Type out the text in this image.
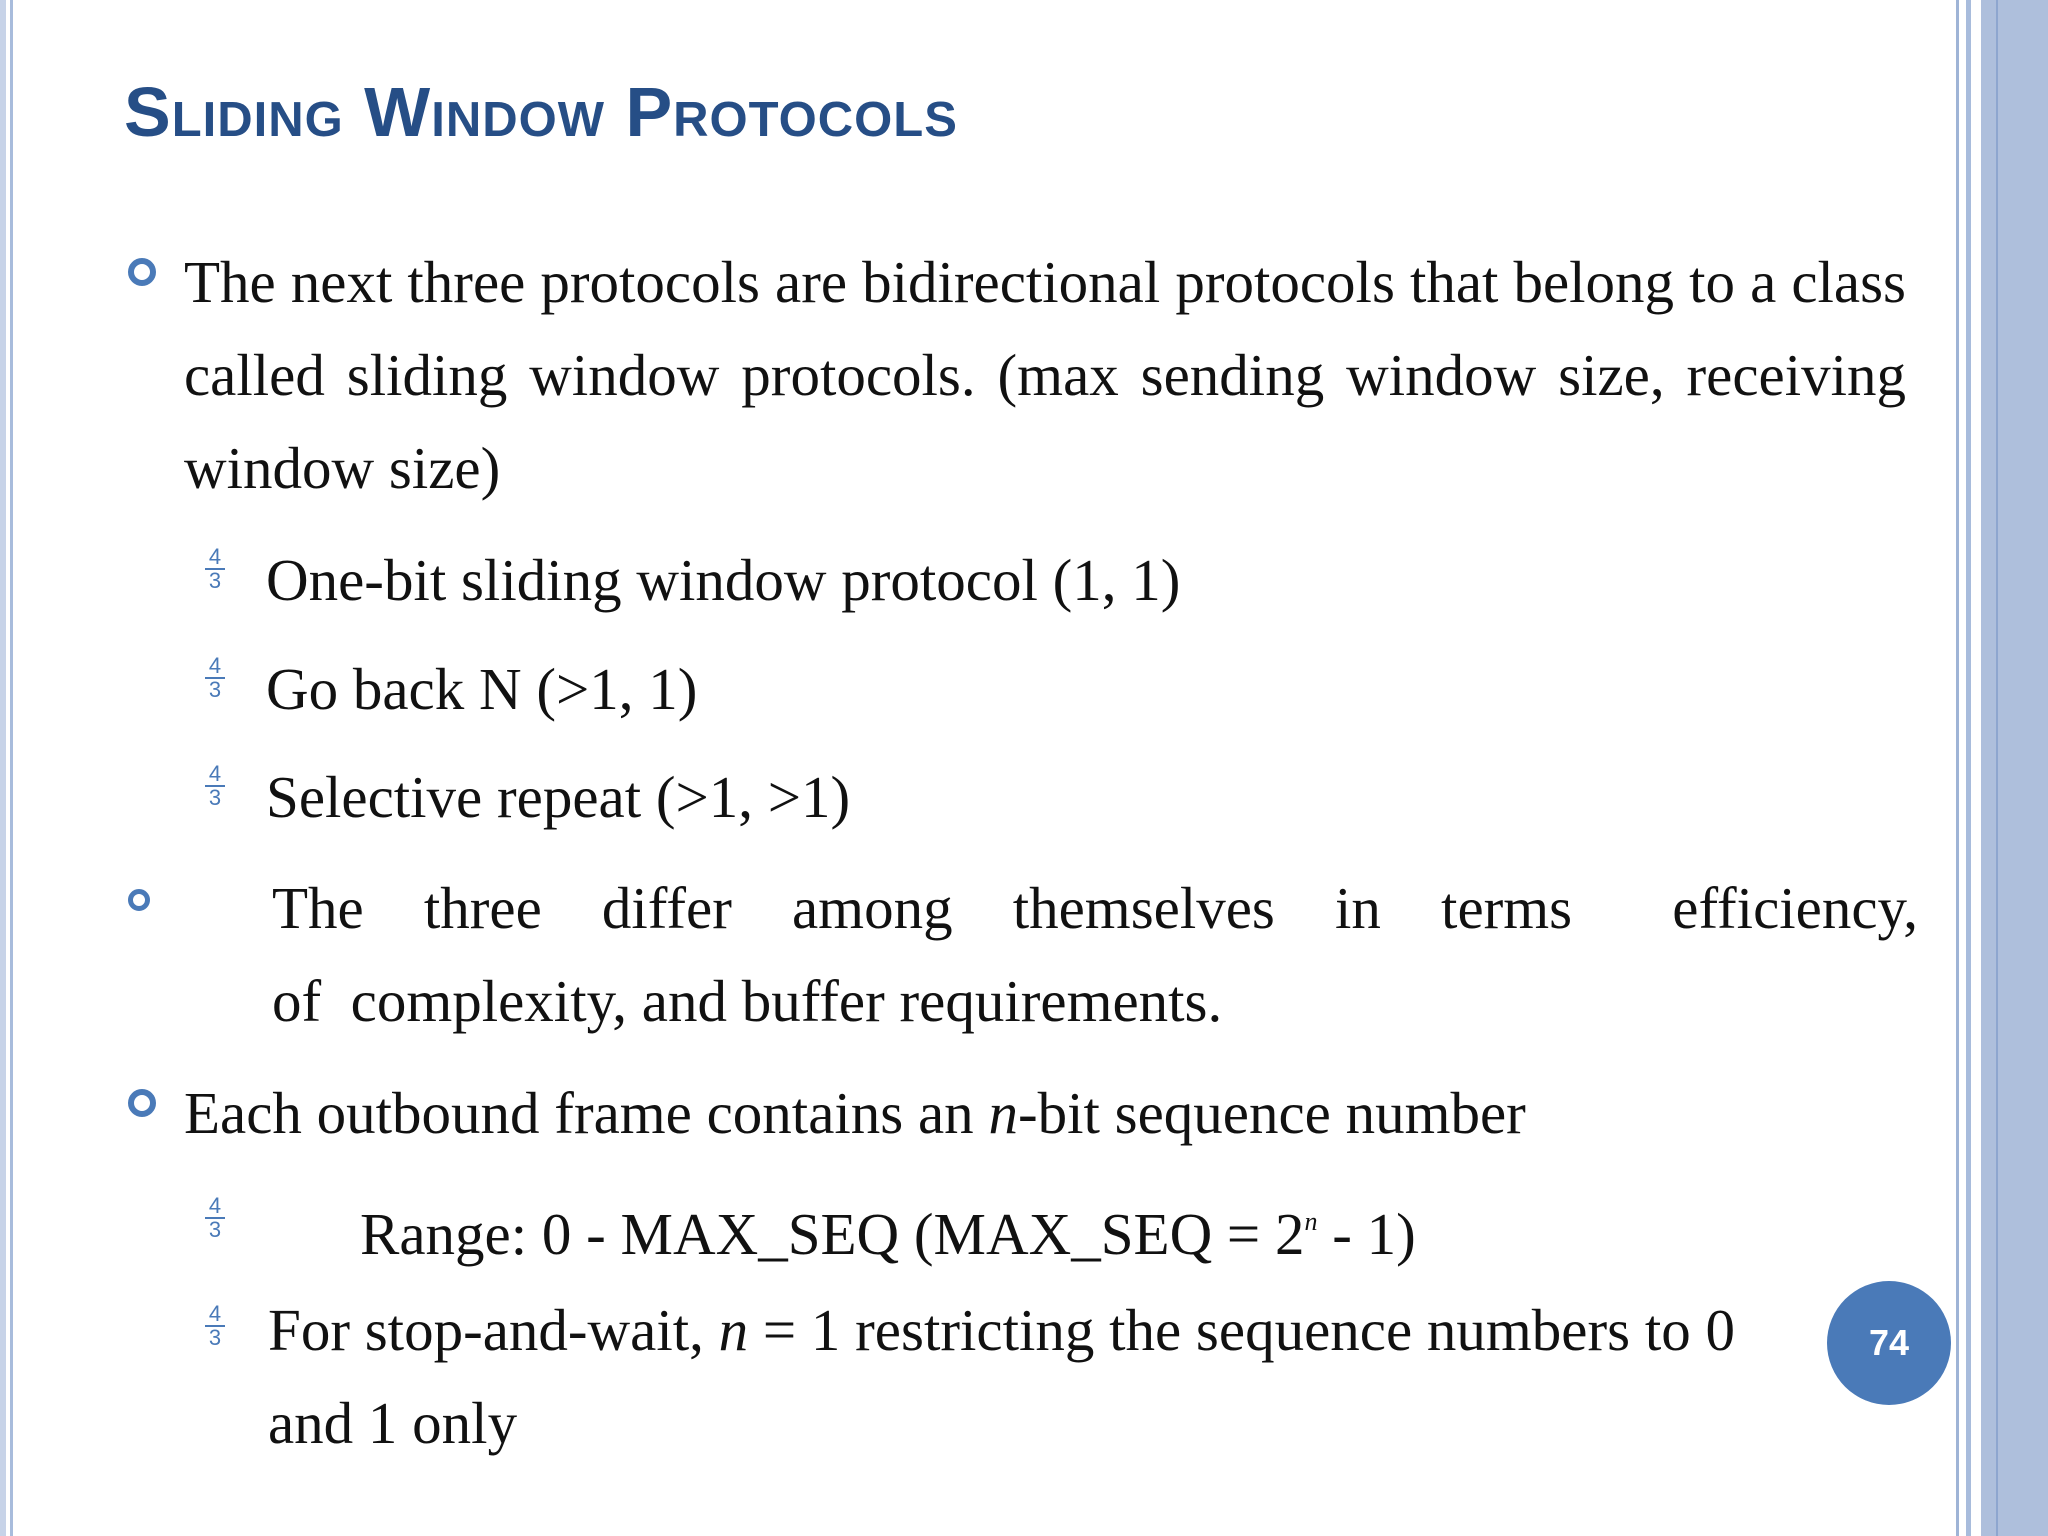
Sliding Window Protocols
The next three protocols are bidirectional protocols that belong to a class called sliding window protocols. (max sending window size, receiving window size)
$\frac{4}{3} One-bit$ sliding window protocol (1, 1)
$\frac{4}{3}$ Go back N (>1, 1)
$\frac{4}{3}$ Selective repeat (>1, >1)
The three differ among themselves in terms efficiency,
of  complexity, and buffer requirements.
Each outbound frame contains an n-bit sequence number
$\frac{4}{3}$ Range: 0 - MAX_SEQ (MAX_SEQ = $2^n - 1$)
$\frac{4}{3}$ For stop-and-wait, n = 1 restricting the sequence numbers to 0
and 1 only
74
